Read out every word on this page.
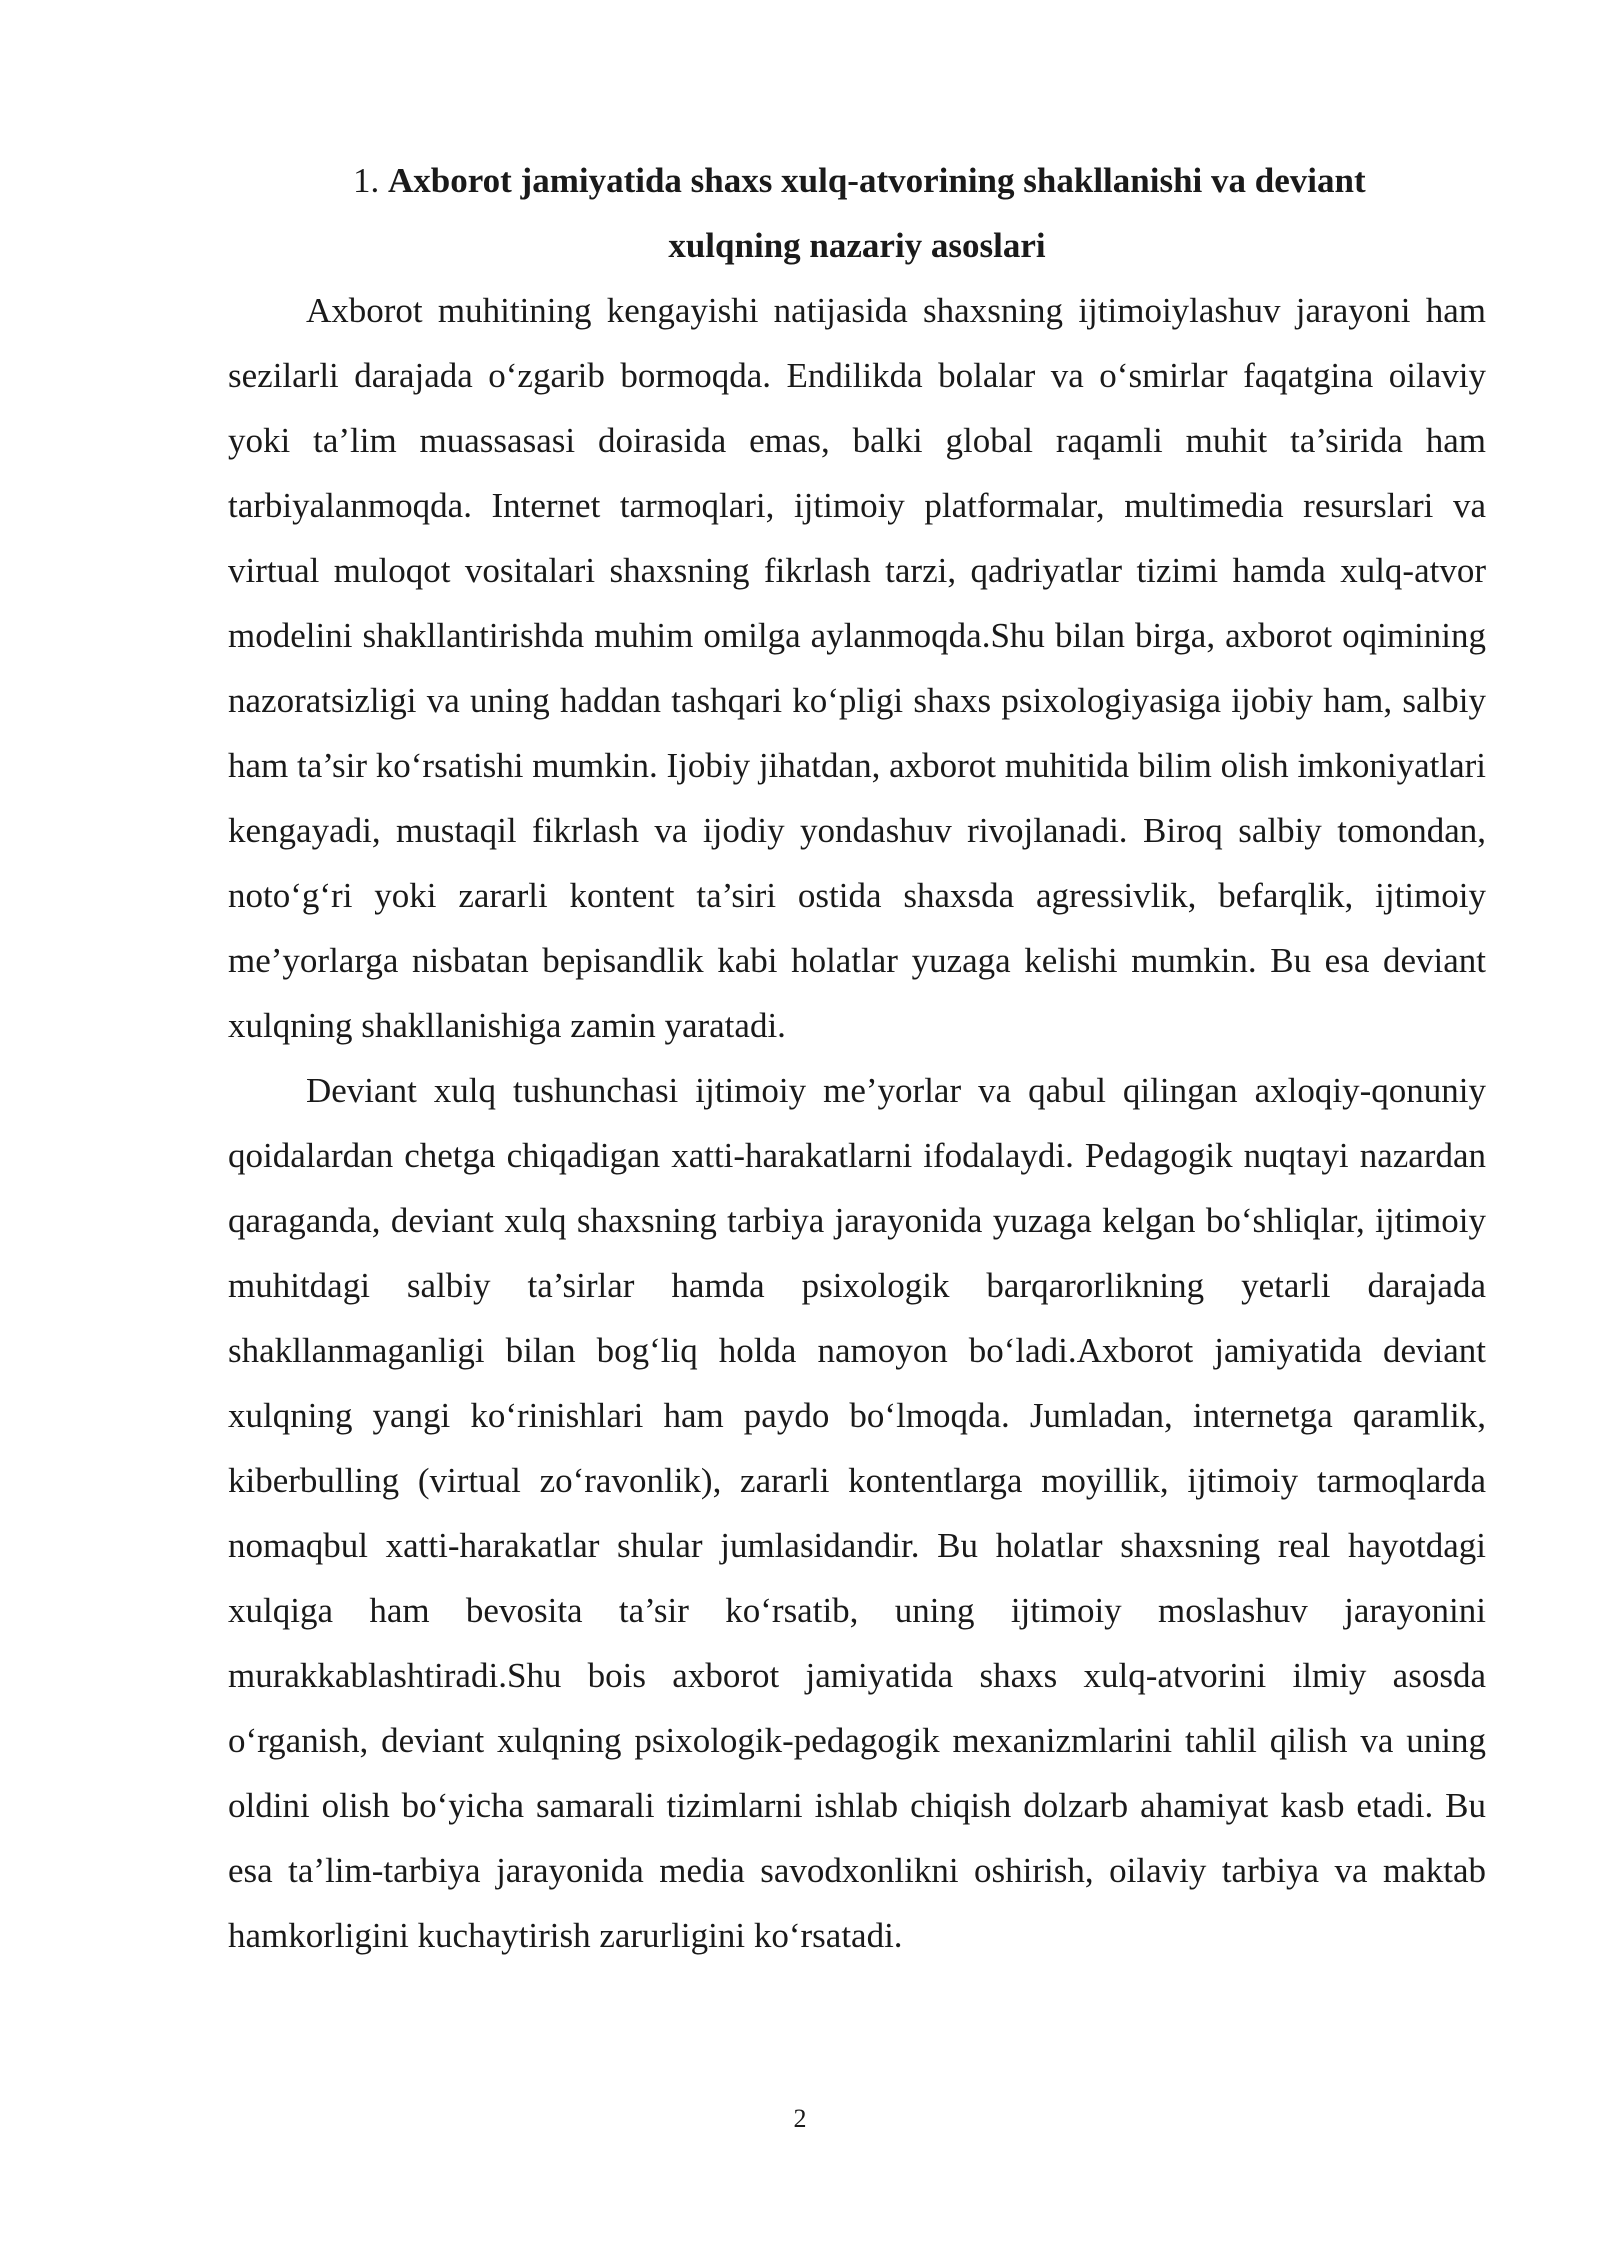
1. Axborot jamiyatida shaxs xulq-atvorining shakllanishi va deviant
xulqning nazariy asoslari

Axborot muhitining kengayishi natijasida shaxsning ijtimoiylashuv jarayoni ham sezilarli darajada o‘zgarib bormoqda. Endilikda bolalar va o‘smirlar faqatgina oilaviy yoki ta’lim muassasasi doirasida emas, balki global raqamli muhit ta’sirida ham tarbiyalanmoqda. Internet tarmoqlari, ijtimoiy platformalar, multimedia resurslari va virtual muloqot vositalari shaxsning fikrlash tarzi, qadriyatlar tizimi hamda xulq-atvor modelini shakllantirishda muhim omilga aylanmoqda.Shu bilan birga, axborot oqimining nazoratsizligi va uning haddan tashqari ko‘pligi shaxs psixologiyasiga ijobiy ham, salbiy ham ta’sir ko‘rsatishi mumkin. Ijobiy jihatdan, axborot muhitida bilim olish imkoniyatlari kengayadi, mustaqil fikrlash va ijodiy yondashuv rivojlanadi. Biroq salbiy tomondan, noto‘g‘ri yoki zararli kontent ta’siri ostida shaxsda agressivlik, befarqlik, ijtimoiy me’yorlarga nisbatan bepisandlik kabi holatlar yuzaga kelishi mumkin. Bu esa deviant xulqning shakllanishiga zamin yaratadi.

Deviant xulq tushunchasi ijtimoiy me’yorlar va qabul qilingan axloqiy-qonuniy qoidalardan chetga chiqadigan xatti-harakatlarni ifodalaydi. Pedagogik nuqtayi nazardan qaraganda, deviant xulq shaxsning tarbiya jarayonida yuzaga kelgan bo‘shliqlar, ijtimoiy muhitdagi salbiy ta’sirlar hamda psixologik barqarorlikning yetarli darajada shakllanmaganligi bilan bog‘liq holda namoyon bo‘ladi.Axborot jamiyatida deviant xulqning yangi ko‘rinishlari ham paydo bo‘lmoqda. Jumladan, internetga qaramlik, kiberbulling (virtual zo‘ravonlik), zararli kontentlarga moyillik, ijtimoiy tarmoqlarda nomaqbul xatti-harakatlar shular jumlasidandir. Bu holatlar shaxsning real hayotdagi xulqiga ham bevosita ta’sir ko‘rsatib, uning ijtimoiy moslashuv jarayonini murakkablashtiradi.Shu bois axborot jamiyatida shaxs xulq-atvorini ilmiy asosda o‘rganish, deviant xulqning psixologik-pedagogik mexanizmlarini tahlil qilish va uning oldini olish bo‘yicha samarali tizimlarni ishlab chiqish dolzarb ahamiyat kasb etadi. Bu esa ta’lim-tarbiya jarayonida media savodxonlikni oshirish, oilaviy tarbiya va maktab hamkorligini kuchaytirish zarurligini ko‘rsatadi.

2
